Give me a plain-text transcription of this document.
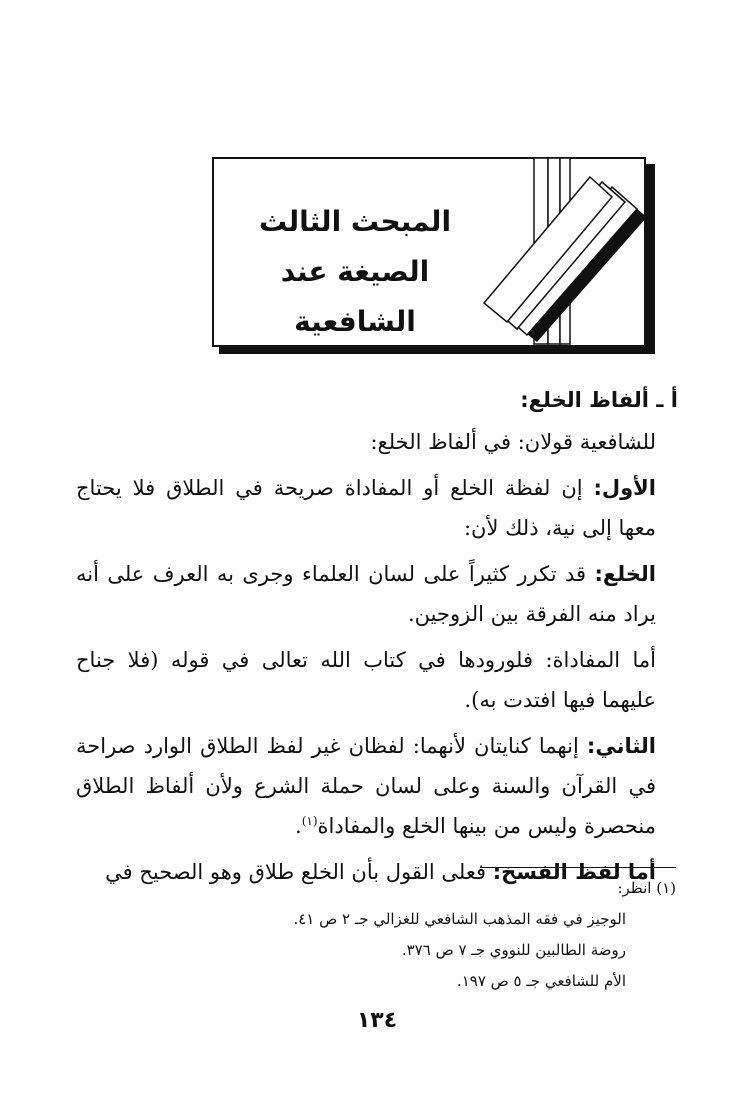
المبحث الثالث
الصيغة عند الشافعية
أ ـ ألفاظ الخلع:

للشافعية قولان: في ألفاظ الخلع:

الأول: إن لفظة الخلع أو المفاداة صريحة في الطلاق فلا يحتاج معها إلى نية، ذلك لأن:

الخلع: قد تكرر كثيراً على لسان العلماء وجرى به العرف على أنه يراد منه الفرقة بين الزوجين.

أما المفاداة: فلورودها في كتاب الله تعالى في قوله (فلا جناح عليهما فيها افتدت به).

الثاني: إنهما كنايتان لأنهما: لفظان غير لفظ الطلاق الوارد صراحة في القرآن والسنة وعلى لسان حملة الشرع ولأن ألفاظ الطلاق منحصرة وليس من بينها الخلع والمفاداة$^{(١)}$.

أما لفظ الفسخ: فعلى القول بأن الخلع طلاق وهو الصحيح في

(١) انظر:
الوجيز في فقه المذهب الشافعي للغزالي جـ ٢ ص ٤١.
روضة الطالبين للنووي جـ ٧ ص ٣٧٦.
الأم للشافعي جـ ٥ ص ١٩٧.
١٣٤
